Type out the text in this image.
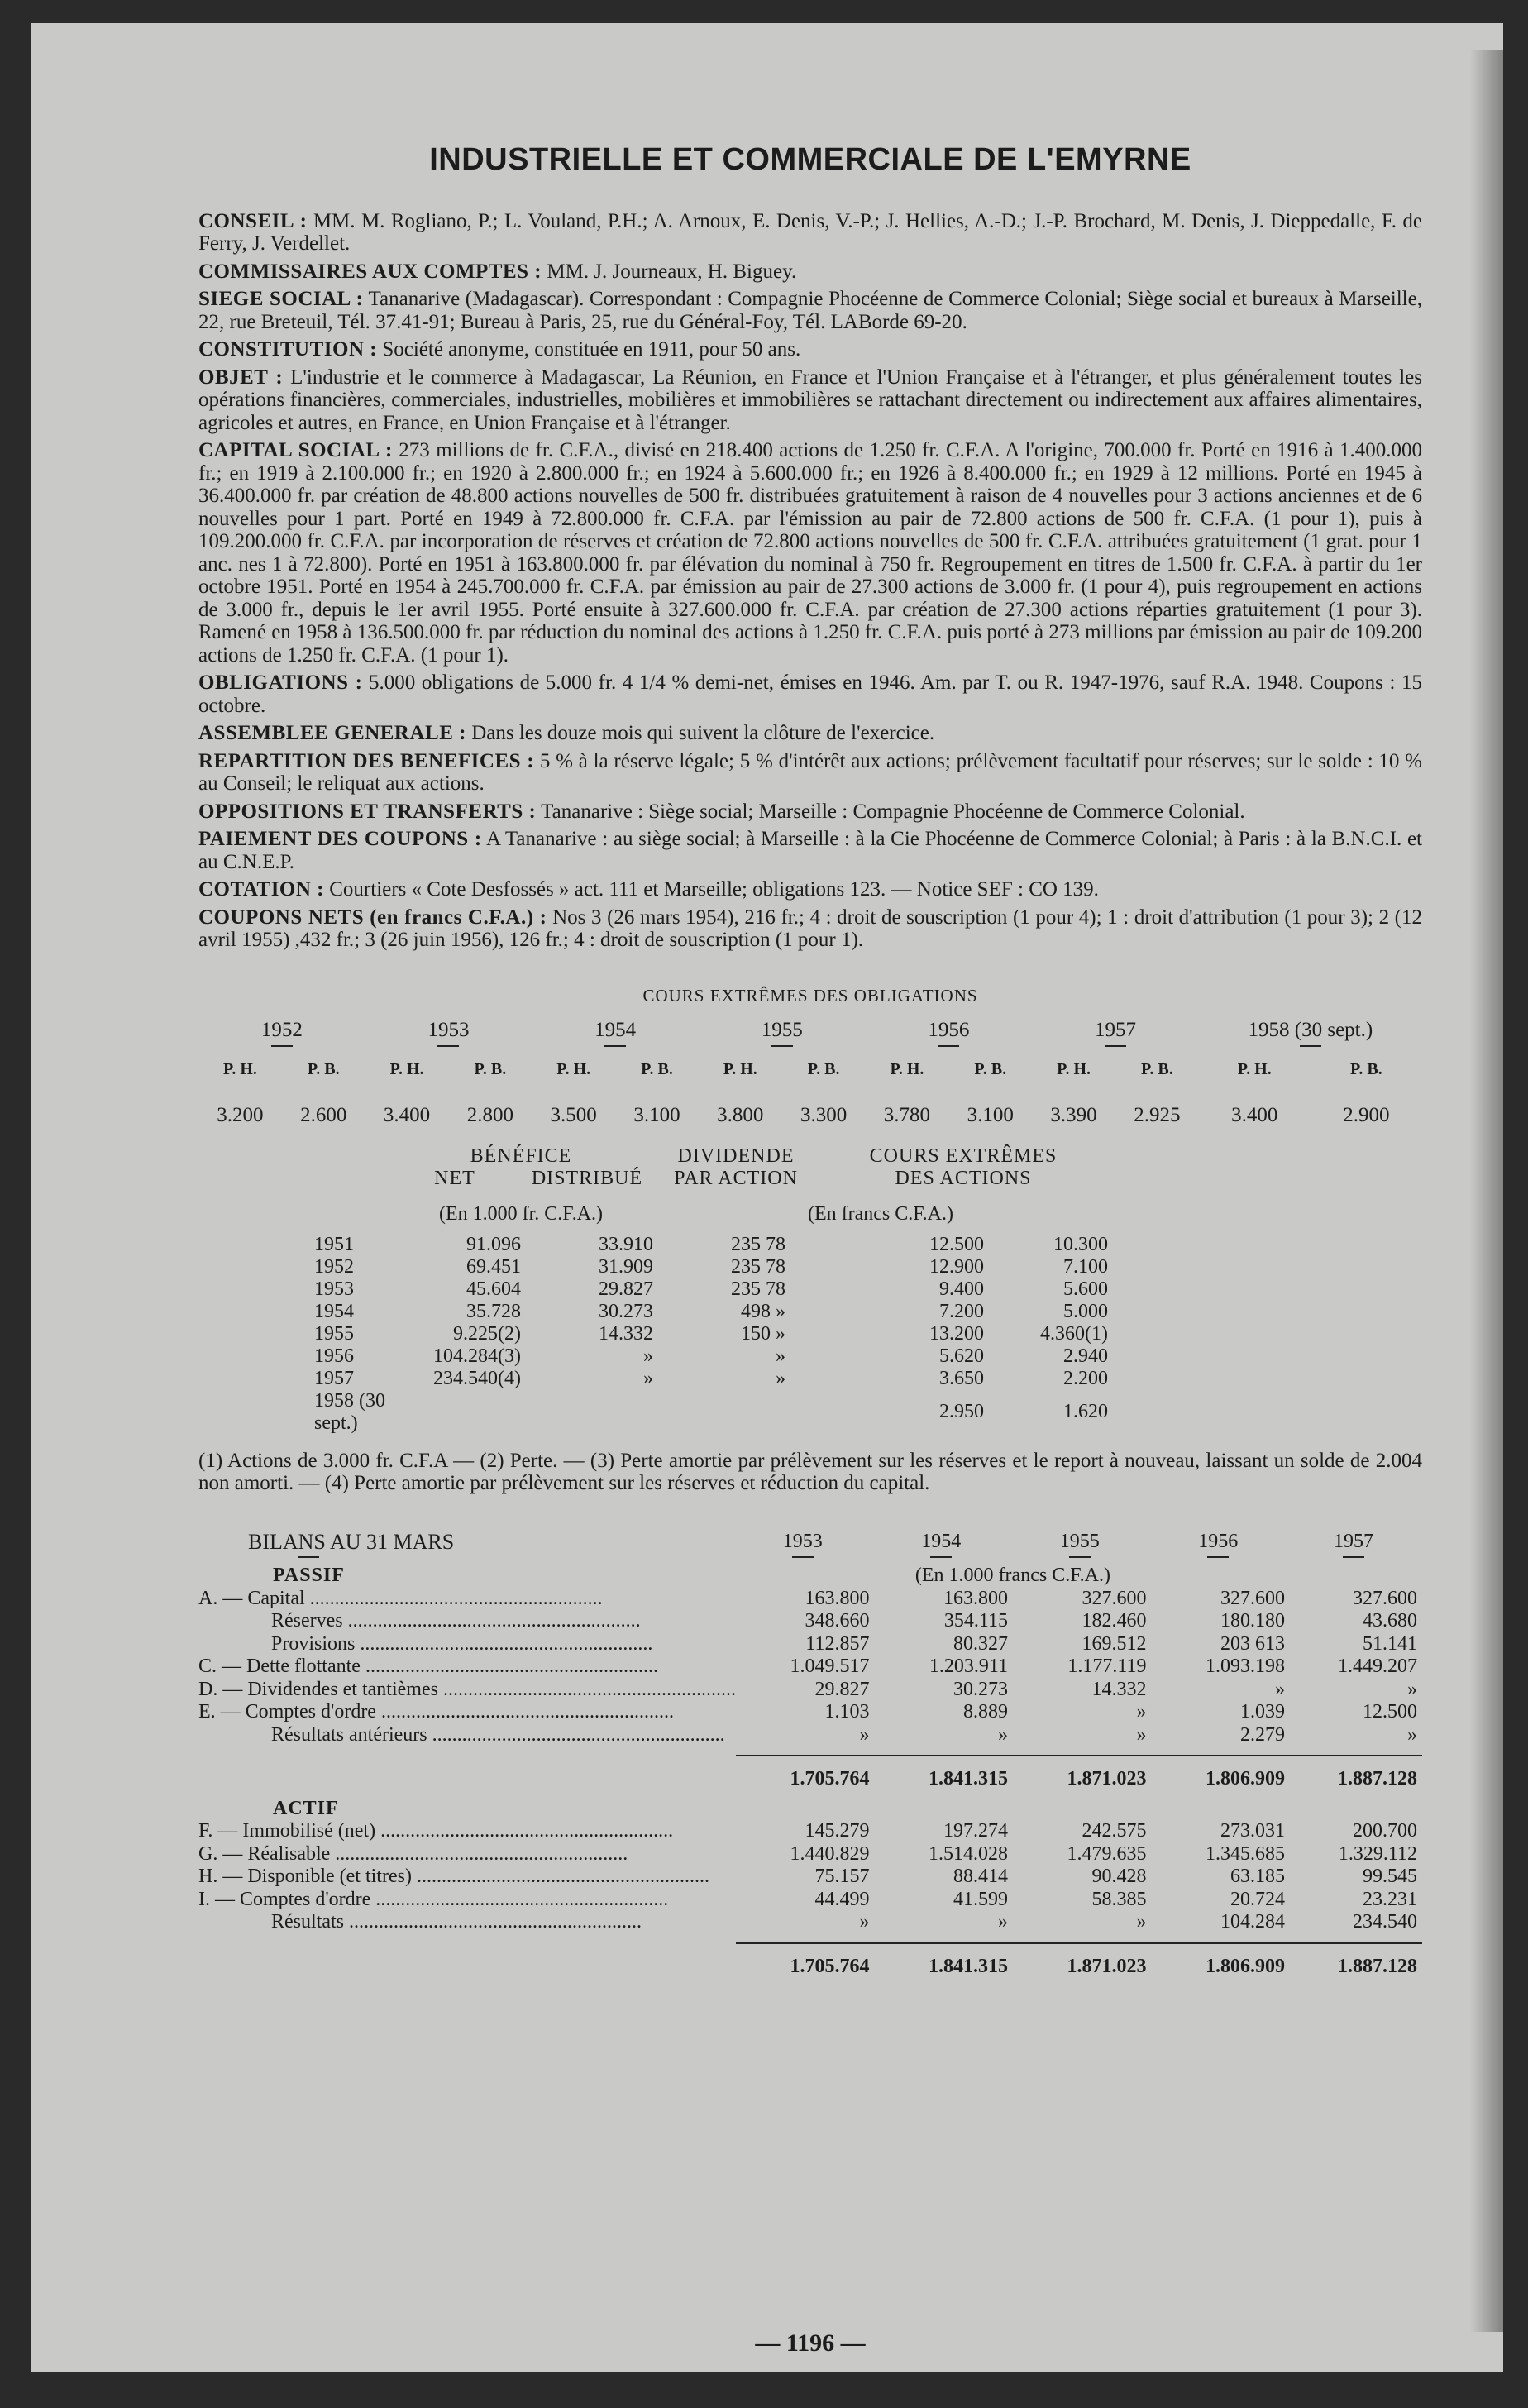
INDUSTRIELLE ET COMMERCIALE DE L'EMYRNE

CONSEIL : MM. M. Rogliano, P.; L. Vouland, P.H.; A. Arnoux, E. Denis, V.-P.; J. Hellies, A.-D.; J.-P. Brochard, M. Denis, J. Dieppedalle, F. de Ferry, J. Verdellet.

COMMISSAIRES AUX COMPTES : MM. J. Journeaux, H. Biguey.

SIEGE SOCIAL : Tananarive (Madagascar). Correspondant : Compagnie Phocéenne de Commerce Colonial; Siège social et bureaux à Marseille, 22, rue Breteuil, Tél. 37.41-91; Bureau à Paris, 25, rue du Général-Foy, Tél. LABorde 69-20.

CONSTITUTION : Société anonyme, constituée en 1911, pour 50 ans.

OBJET : L'industrie et le commerce à Madagascar, La Réunion, en France et l'Union Française et à l'étranger, et plus généralement toutes les opérations financières, commerciales, industrielles, mobilières et immobilières se rattachant directement ou indirectement aux affaires alimentaires, agricoles et autres, en France, en Union Française et à l'étranger.

CAPITAL SOCIAL : 273 millions de fr. C.F.A., divisé en 218.400 actions de 1.250 fr. C.F.A. A l'origine, 700.000 fr. Porté en 1916 à 1.400.000 fr.; en 1919 à 2.100.000 fr.; en 1920 à 2.800.000 fr.; en 1924 à 5.600.000 fr.; en 1926 à 8.400.000 fr.; en 1929 à 12 millions. Porté en 1945 à 36.400.000 fr. par création de 48.800 actions nouvelles de 500 fr. distribuées gratuitement à raison de 4 nouvelles pour 3 actions anciennes et de 6 nouvelles pour 1 part. Porté en 1949 à 72.800.000 fr. C.F.A. par l'émission au pair de 72.800 actions de 500 fr. C.F.A. (1 pour 1), puis à 109.200.000 fr. C.F.A. par incorporation de réserves et création de 72.800 actions nouvelles de 500 fr. C.F.A. attribuées gratuitement (1 grat. pour 1 anc. nes 1 à 72.800). Porté en 1951 à 163.800.000 fr. par élévation du nominal à 750 fr. Regroupement en titres de 1.500 fr. C.F.A. à partir du 1er octobre 1951. Porté en 1954 à 245.700.000 fr. C.F.A. par émission au pair de 27.300 actions de 3.000 fr. (1 pour 4), puis regroupement en actions de 3.000 fr., depuis le 1er avril 1955. Porté ensuite à 327.600.000 fr. C.F.A. par création de 27.300 actions réparties gratuitement (1 pour 3). Ramené en 1958 à 136.500.000 fr. par réduction du nominal des actions à 1.250 fr. C.F.A. puis porté à 273 millions par émission au pair de 109.200 actions de 1.250 fr. C.F.A. (1 pour 1).

OBLIGATIONS : 5.000 obligations de 5.000 fr. 4 1/4 % demi-net, émises en 1946. Am. par T. ou R. 1947-1976, sauf R.A. 1948. Coupons : 15 octobre.

ASSEMBLEE GENERALE : Dans les douze mois qui suivent la clôture de l'exercice.

REPARTITION DES BENEFICES : 5 % à la réserve légale; 5 % d'intérêt aux actions; prélèvement facultatif pour réserves; sur le solde : 10 % au Conseil; le reliquat aux actions.

OPPOSITIONS ET TRANSFERTS : Tananarive : Siège social; Marseille : Compagnie Phocéenne de Commerce Colonial.

PAIEMENT DES COUPONS : A Tananarive : au siège social; à Marseille : à la Cie Phocéenne de Commerce Colonial; à Paris : à la B.N.C.I. et au C.N.E.P.

COTATION : Courtiers « Cote Desfossés » act. 111 et Marseille; obligations 123. — Notice SEF : CO 139.

COUPONS NETS (en francs C.F.A.) : Nos 3 (26 mars 1954), 216 fr.; 4 : droit de souscription (1 pour 4); 1 : droit d'attribution (1 pour 3); 2 (12 avril 1955) ,432 fr.; 3 (26 juin 1956), 126 fr.; 4 : droit de souscription (1 pour 1).

COURS EXTRÊMES DES OBLIGATIONS
1952		1953		1954		1955		1956		1957		1958 (30 sept.)	

P. H.	P. B.	P. H.	P. B.	P. H.	P. B.	P. H.	P. B.	P. H.	P. B.	P. H.	P. B.	P. H.	P. B.
3.200	2.600	3.400	2.800	3.500	3.100	3.800	3.300	3.780	3.100	3.390	2.925	3.400	2.900
	BÉNÉFICE		DIVIDENDE	COURS EXTRÊMES		
	NET	DISTRIBUÉ	PAR ACTION	DES ACTIONS		

	(En 1.000 fr. C.F.A.)		(En francs C.F.A.)			

1951	91.096	33.910	235 78	12.500	10.300	
1952	69.451	31.909	235 78	12.900	7.100	
1953	45.604	29.827	235 78	9.400	5.600	
1954	35.728	30.273	498 »	7.200	5.000	
1955	9.225(2)	14.332	150 »	13.200	4.360(1)	
1956	104.284(3)	»	»	5.620	2.940	
1957	234.540(4)	»	»	3.650	2.200	
1958 (30 sept.)				2.950	1.620	
(1) Actions de 3.000 fr. C.F.A — (2) Perte. — (3) Perte amortie par prélèvement sur les réserves et le report à nouveau, laissant un solde de 2.004 non amorti. — (4) Perte amortie par prélèvement sur les réserves et réduction du capital.
BILANS AU 31 MARS	1953	1954	1955	1956	1957

PASSIF	(En 1.000 francs C.F.A.)				
A. — Capital .....	163.800	163.800	327.600	327.600	327.600
Réserves .....	348.660	354.115	182.460	180.180	43.680
Provisions .....	112.857	80.327	169.512	203 613	51.141
C. — Dette flottante .....	1.049.517	1.203.911	1.177.119	1.093.198	1.449.207
D. — Dividendes et tantièmes .....	29.827	30.273	14.332	»	»
E. — Comptes d'ordre .....	1.103	8.889	»	1.039	12.500
Résultats antérieurs .....	»	»	»	2.279	»

	1.705.764	1.841.315	1.871.023	1.806.909	1.887.128
ACTIF					
F. — Immobilisé (net) .....	145.279	197.274	242.575	273.031	200.700
G. — Réalisable .....	1.440.829	1.514.028	1.479.635	1.345.685	1.329.112
H. — Disponible (et titres) .....	75.157	88.414	90.428	63.185	99.545
I. — Comptes d'ordre .....	44.499	41.599	58.385	20.724	23.231
Résultats .....	»	»	»	104.284	234.540

	1.705.764	1.841.315	1.871.023	1.806.909	1.887.128
— 1196 —
